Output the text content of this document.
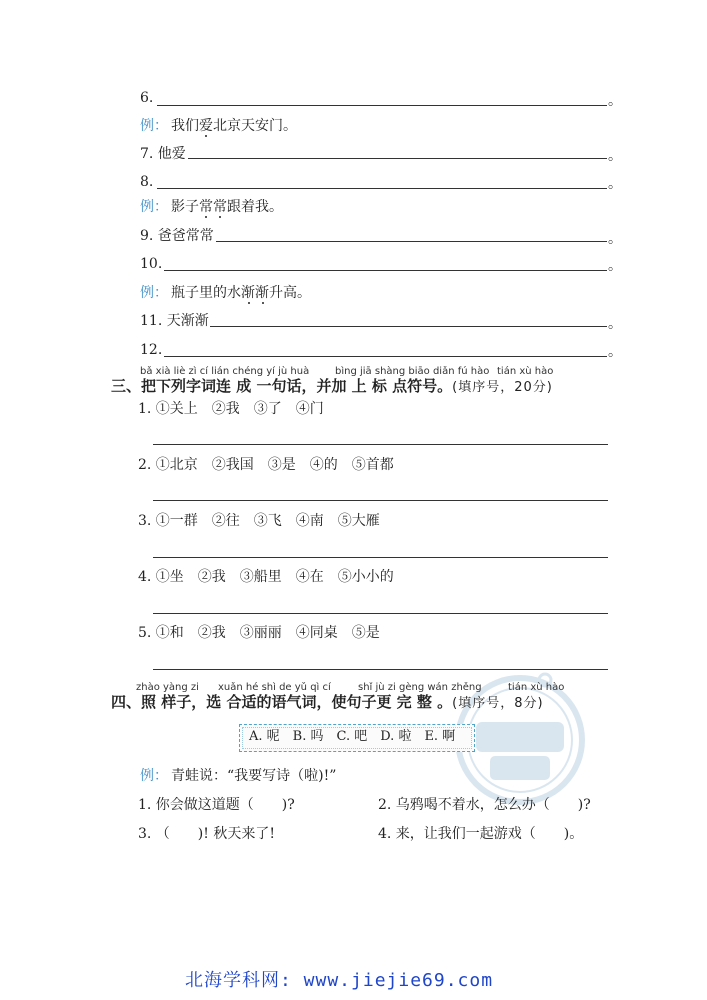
6.	。
例： 我们爱北京天安门。
7. 他爱	。
8.	。
例： 影子常常跟着我。
9. 爸爸常常	。
10.	。
例： 瓶子里的水渐渐升高。
11. 天渐渐	。
12.	。
bǎ xià liè zì cí lián chéng yí jù huà	bìng jiā shàng biāo diǎn fú hào tián xù hào
三、把下列字词连 成 一句话，并加 上 标 点符号。(填序号，20分)
1. ①关上　②我　③了　④门
2. ①北京　②我国　③是　④的　⑤首都
3. ①一群　②往　③飞　④南　⑤大雁
4. ①坐　②我　③船里　④在　⑤小小的
5. ①和　②我　③丽丽　④同桌　⑤是
zhào yàng zi xuǎn hé shì de yǔ qì cí	shǐ jù zi gèng wán zhěng	tián xù hào
四、照 样子，选 合适的语气词，使句子更 完 整 。(填序号，8分)
A. 呢　B. 吗　C. 吧　D. 啦　E. 啊
例： 青蛙说：“我要写诗（啦)!”
1. 你会做这道题（　　)?	2. 乌鸦喝不着水，怎么办（　　)?
3. （　　)! 秋天来了!	4. 来，让我们一起游戏（　　)。
北海学科网: www.jiejie69.com
